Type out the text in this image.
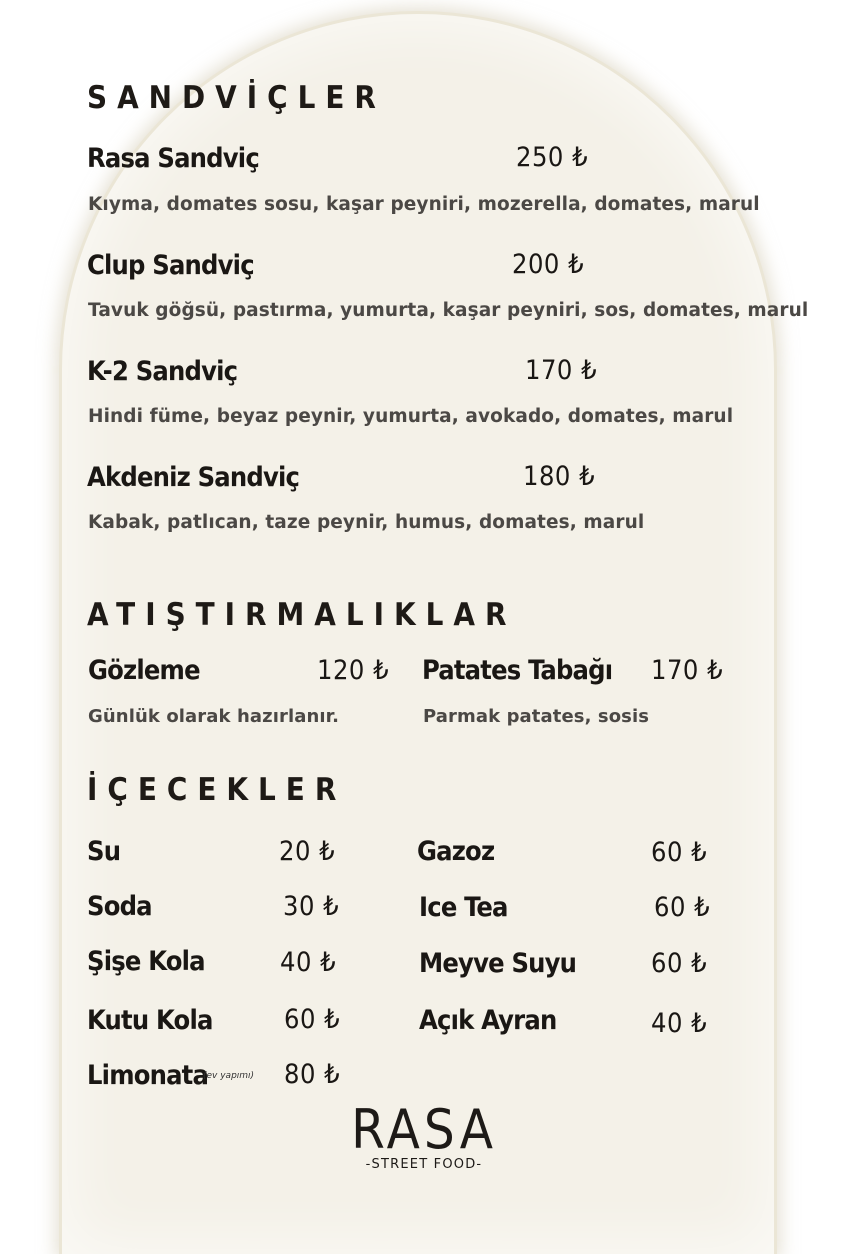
SANDVİÇLER
Rasa Sandviç	250 ₺
Kıyma, domates sosu, kaşar peyniri, mozerella, domates, marul
Clup Sandviç	200 ₺
Tavuk göğsü, pastırma, yumurta, kaşar peyniri, sos, domates, marul
K-2 Sandviç	170 ₺
Hindi füme, beyaz peynir, yumurta, avokado, domates, marul
Akdeniz Sandviç	180 ₺
Kabak, patlıcan, taze peynir, humus, domates, marul
ATIŞTIRMALIKLAR
Gözleme	120 ₺
Günlük olarak hazırlanır.
Patates Tabağı 170 ₺
Parmak patates, sosis
İÇECEKLER
Su	20 ₺
Soda	30 ₺
Şişe Kola	40 ₺
Kutu Kola	60 ₺
Limonata
(ev yapımı) 80 ₺
Gazoz	60 ₺
Ice Tea	60 ₺
Meyve Suyu	60 ₺
Açık Ayran	40 ₺
RASA
-STREET FOOD-
